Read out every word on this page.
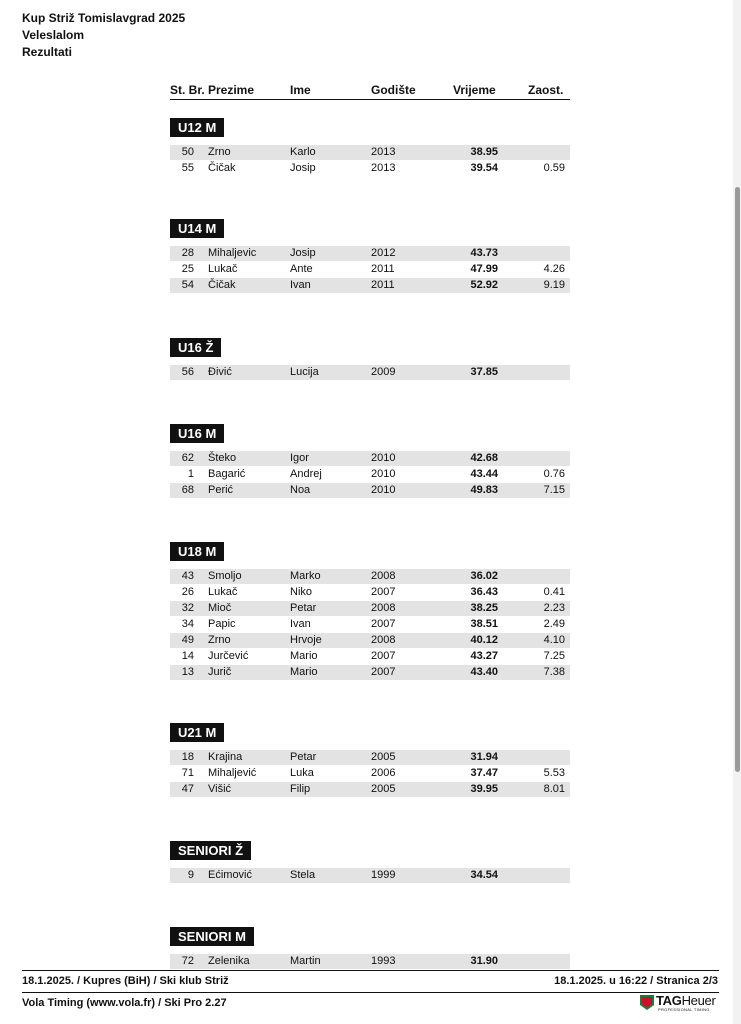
Kup Striž Tomislavgrad 2025
Veleslalom
Rezultati
St. Br. Prezime	Ime	Godište	Vrijeme	Zaost.
U12 M
50 Zrno	Karlo	2013	38.95
55 Čičak	Josip	2013	39.54	0.59
U14 M
28 Mihaljevic	Josip	2012	43.73
25 Lukač	Ante	2011	47.99	4.26
54 Čičak	Ivan	2011	52.92	9.19
U16 Ž
56 Đivić	Lucija	2009	37.85
U16 M
62 Šteko	Igor	2010	42.68
1 Bagarić	Andrej	2010	43.44	0.76
68 Perić	Noa	2010	49.83	7.15
U18 M
43 Smoljo	Marko	2008	36.02
26 Lukač	Niko	2007	36.43	0.41
32 Mioč	Petar	2008	38.25	2.23
34 Papic	Ivan	2007	38.51	2.49
49 Zrno	Hrvoje	2008	40.12	4.10
14 Jurčević	Mario	2007	43.27	7.25
13 Jurič	Mario	2007	43.40	7.38
U21 M
18 Krajina	Petar	2005	31.94
71 Mihaljević	Luka	2006	37.47	5.53
47 Višić	Filip	2005	39.95	8.01
SENIORI Ž
9 Ećimović	Stela	1999	34.54
SENIORI M
72 Zelenika	Martin	1993	31.90
18.1.2025. / Kupres (BiH) / Ski klub Striž	18.1.2025. u 16:22 / Stranica 2/3
Vola Timing (www.vola.fr) / Ski Pro 2.27	TAGHeuer
PROFESSIONAL TIMING
